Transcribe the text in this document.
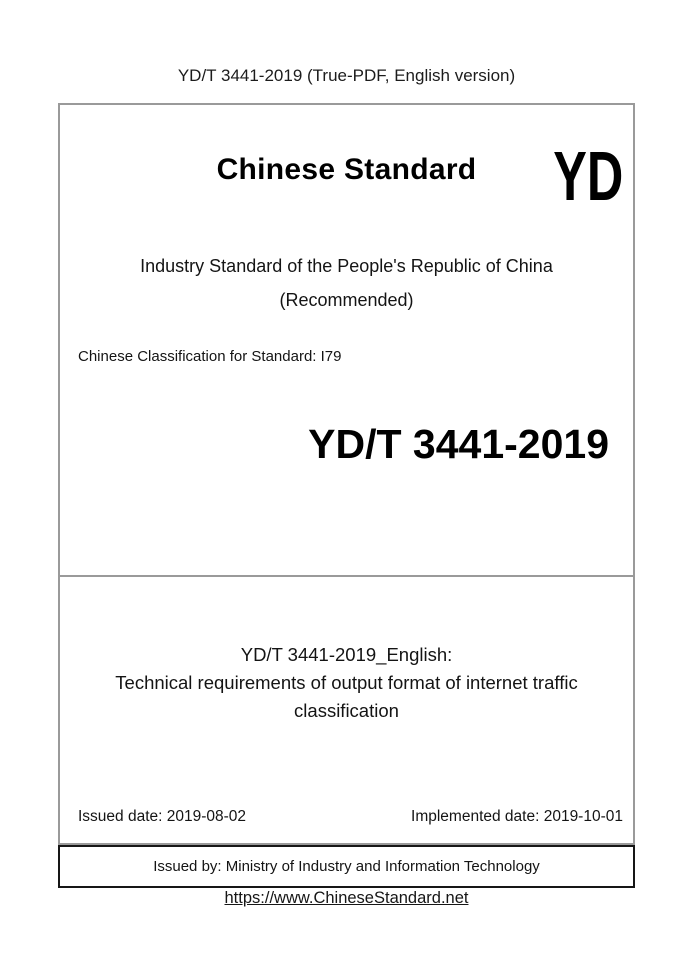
YD/T 3441-2019 (True-PDF, English version)
Chinese Standard	YD
Industry Standard of the People's Republic of China
(Recommended)
Chinese Classification for Standard: I79
YD/T 3441-2019
YD/T 3441-2019_English:
Technical requirements of output format of internet traffic
classification
Issued date: 2019-08-02	Implemented date: 2019-10-01
Issued by: Ministry of Industry and Information Technology
https://www.ChineseStandard.net
